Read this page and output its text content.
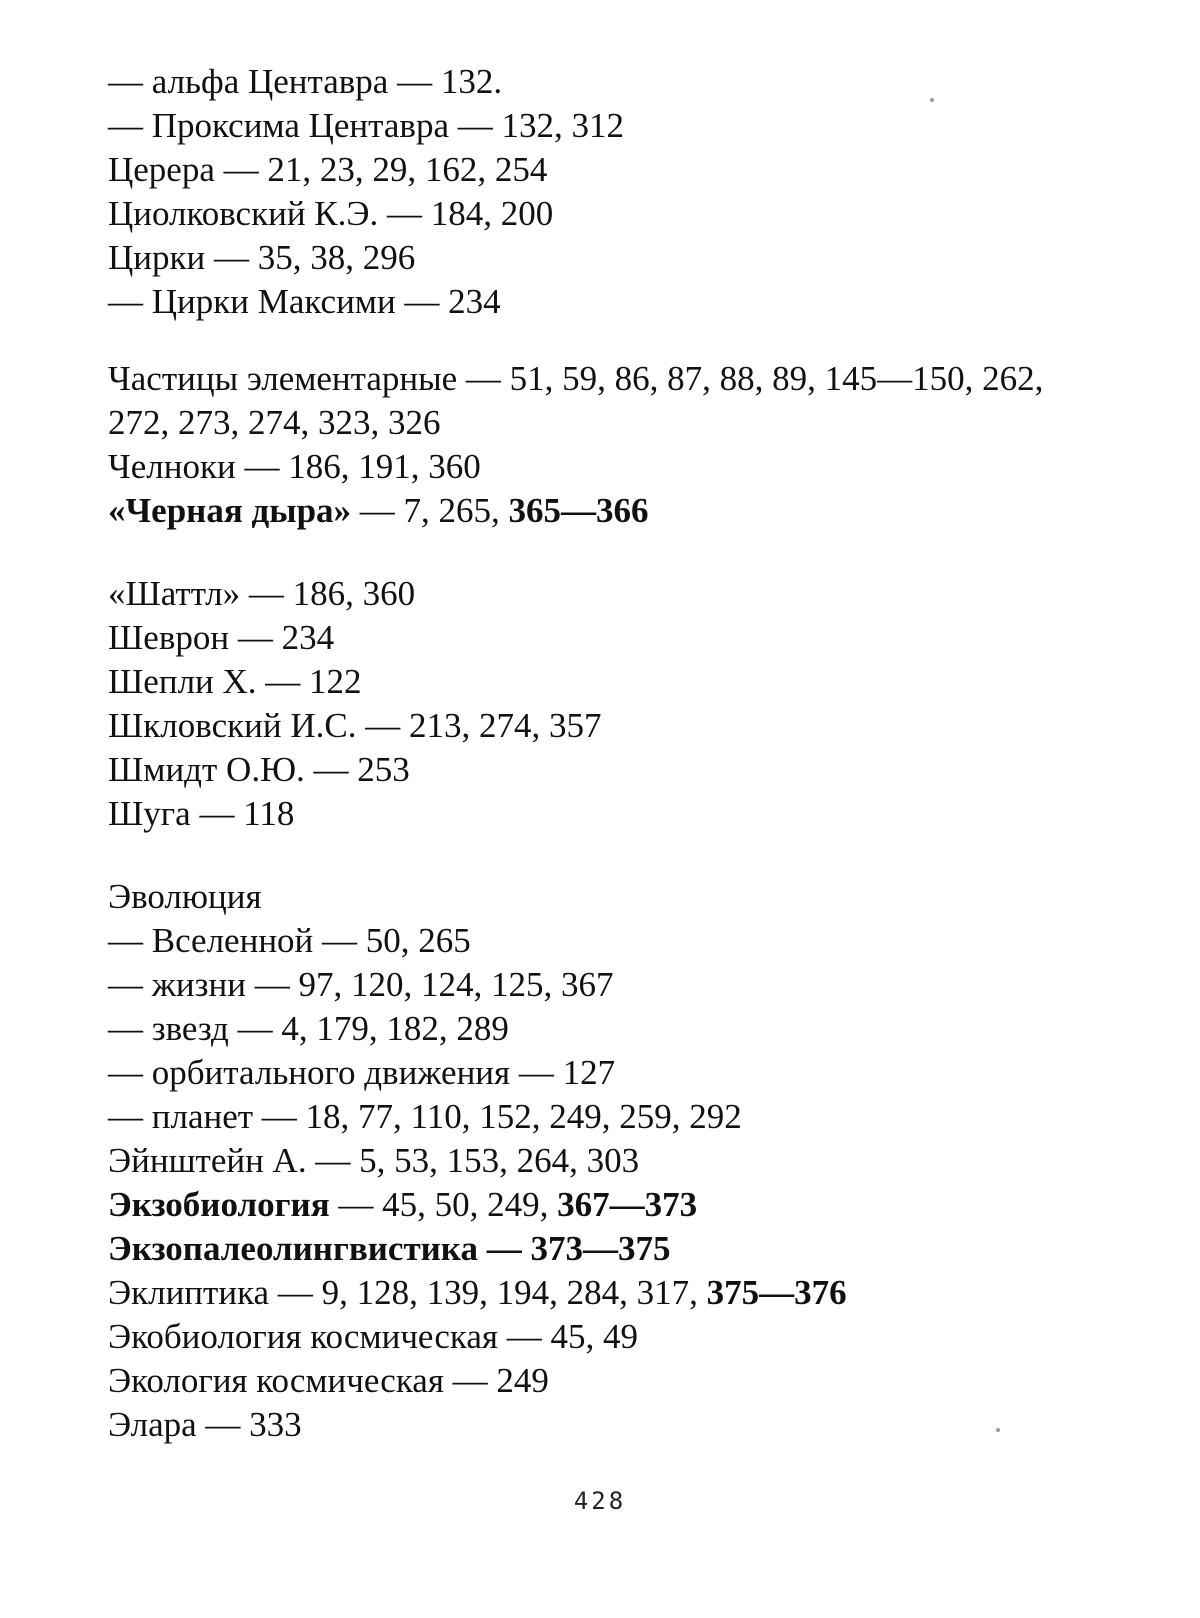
— альфа Центавра — 132.
— Проксима Центавра — 132, 312
Церера — 21, 23, 29, 162, 254
Циолковский К.Э. — 184, 200
Цирки — 35, 38, 296
— Цирки Максими — 234
Частицы элементарные — 51, 59, 86, 87, 88, 89, 145—150, 262,
272, 273, 274, 323, 326
Челноки — 186, 191, 360
«Черная дыра» — 7, 265, 365—366
«Шаттл» — 186, 360
Шеврон — 234
Шепли Х. — 122
Шкловский И.С. — 213, 274, 357
Шмидт О.Ю. — 253
Шуга — 118
Эволюция
— Вселенной — 50, 265
— жизни — 97, 120, 124, 125, 367
— звезд — 4, 179, 182, 289
— орбитального движения — 127
— планет — 18, 77, 110, 152, 249, 259, 292
Эйнштейн А. — 5, 53, 153, 264, 303
Экзобиология — 45, 50, 249, 367—373
Экзопалеолингвистика — 373—375
Эклиптика — 9, 128, 139, 194, 284, 317, 375—376
Экобиология космическая — 45, 49
Экология космическая — 249
Элара — 333
428
